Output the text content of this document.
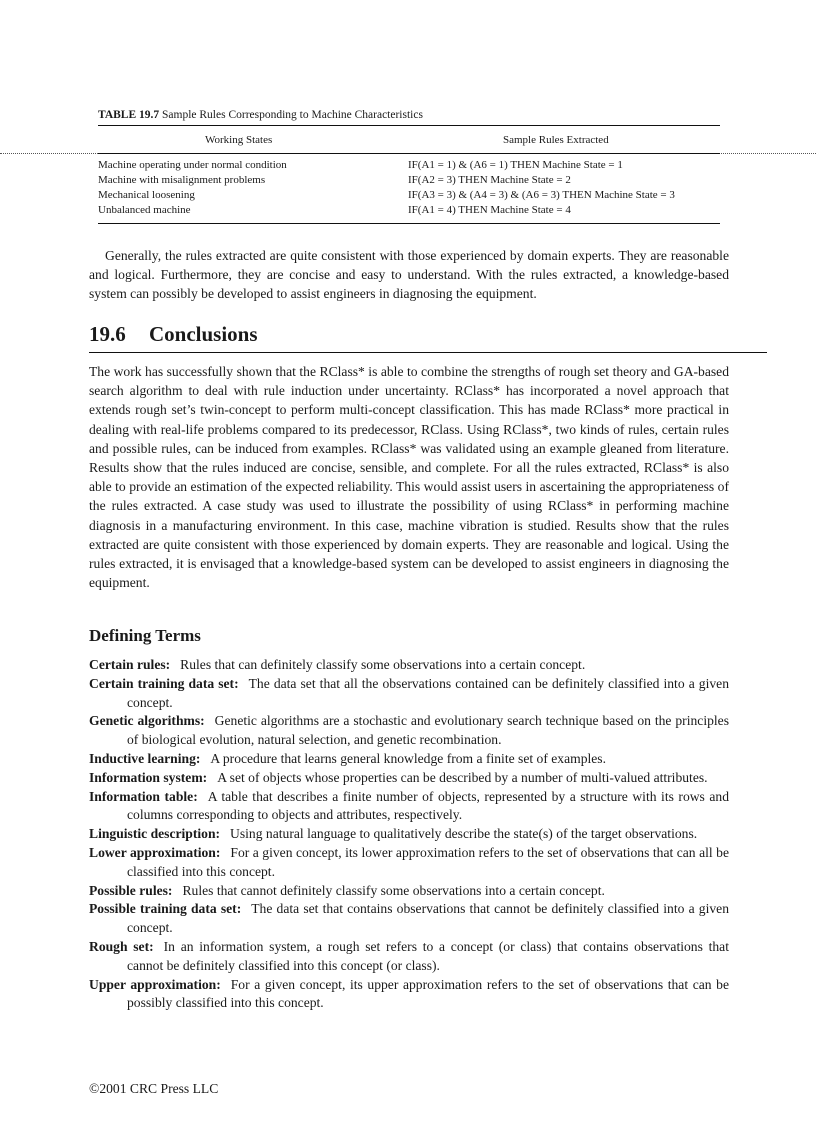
TABLE 19.7 Sample Rules Corresponding to Machine Characteristics
Working States	Sample Rules Extracted
Machine operating under normal condition	IF(A1 = 1) & (A6 = 1) THEN Machine State = 1
Machine with misalignment problems	IF(A2 = 3) THEN Machine State = 2
Mechanical loosening	IF(A3 = 3) & (A4 = 3) & (A6 = 3) THEN Machine State = 3
Unbalanced machine	IF(A1 = 4) THEN Machine State = 4
Generally, the rules extracted are quite consistent with those experienced by domain experts. They are reasonable and logical. Furthermore, they are concise and easy to understand. With the rules extracted, a knowledge-based system can possibly be developed to assist engineers in diagnosing the equipment.
19.6 Conclusions
The work has successfully shown that the RClass* is able to combine the strengths of rough set theory and GA-based search algorithm to deal with rule induction under uncertainty. RClass* has incorporated a novel approach that extends rough set’s twin-concept to perform multi-concept classification. This has made RClass* more practical in dealing with real-life problems compared to its predecessor, RClass. Using RClass*, two kinds of rules, certain rules and possible rules, can be induced from examples. RClass* was validated using an example gleaned from literature. Results show that the rules induced are concise, sensible, and complete. For all the rules extracted, RClass* is also able to provide an estimation of the expected reliability. This would assist users in ascertaining the appropriateness of the rules extracted. A case study was used to illustrate the possibility of using RClass* in performing machine diagnosis in a manufacturing environment. In this case, machine vibration is studied. Results show that the rules extracted are quite consistent with those experienced by domain experts. They are reasonable and logical. Using the rules extracted, it is envisaged that a knowledge-based system can be developed to assist engineers in diagnosing the equipment.
Defining Terms
Certain rules: Rules that can definitely classify some observations into a certain concept.
Certain training data set: The data set that all the observations contained can be definitely classified into a given concept.
Genetic algorithms: Genetic algorithms are a stochastic and evolutionary search technique based on the principles of biological evolution, natural selection, and genetic recombination.
Inductive learning: A procedure that learns general knowledge from a finite set of examples.
Information system: A set of objects whose properties can be described by a number of multi-valued attributes.
Information table: A table that describes a finite number of objects, represented by a structure with its rows and columns corresponding to objects and attributes, respectively.
Linguistic description: Using natural language to qualitatively describe the state(s) of the target observations.
Lower approximation: For a given concept, its lower approximation refers to the set of observations that can all be classified into this concept.
Possible rules: Rules that cannot definitely classify some observations into a certain concept.
Possible training data set: The data set that contains observations that cannot be definitely classified into a given concept.
Rough set: In an information system, a rough set refers to a concept (or class) that contains observations that cannot be definitely classified into this concept (or class).
Upper approximation: For a given concept, its upper approximation refers to the set of observations that can be possibly classified into this concept.
©2001 CRC Press LLC
